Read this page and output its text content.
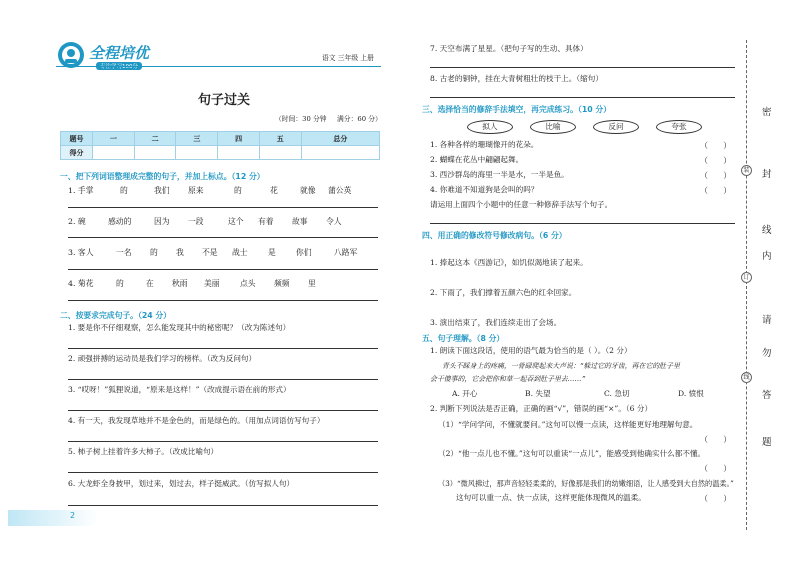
全程培优
专注学习100分
语文 三年级 上册
句子过关
（时间：30 分钟 满分：60 分）
题号	一	二	三	四	五	总分
得分						
一、把下列词语整理成完整的句子，并加上标点。（12 分）
1. 手掌	的	我们 原来	的	花	就像 蒲公英
2. 碗	感动的	因为 一段	这个 有着 故事 令人
3. 客人	一名 的 我 不是 战士	是	你们	八路军
4. 菊花	的	在 秋雨 美丽	点头 频频 里
二、按要求完成句子。（24 分）
1. 要是你不仔细观察，怎么能发现其中的秘密呢？（改为陈述句）
2. 顽强拼搏的运动员是我们学习的榜样。（改为反问句）
3. “哎呀！”狐狸说道，“原来是这样！”（改成提示语在前的形式）
4. 有一天，我发现草地并不是金色的，而是绿色的。（用加点词语仿写句子）
5. 柿子树上挂着许多大柿子。（改成比喻句）
6. 大龙虾全身披甲，划过来，划过去，样子挺威武。（仿写拟人句）
2
7. 天空布满了星星。（把句子写的生动、具体）
8. 古老的铜钟，挂在大青树粗壮的枝干上。（缩句）
三、选择恰当的修辞手法填空，再完成练习。（10 分）
拟人	比喻	反问	夸张
1. 各种各样的珊瑚像开的花朵。	（      ）
2. 蝴蝶在花丛中翩翩起舞。	（      ）
3. 西沙群岛的海里一半是水，一半是鱼。	（      ）
4. 你难道不知道狗是会叫的吗？	（      ）
请运用上面四个小题中的任意一种修辞手法写个句子。
四、用正确的修改符号修改病句。（6 分）
1. 捧起这本《西游记》，如饥似渴地读了起来。
2. 下雨了，我们撑着五颜六色的红伞回家。
3. 演出结束了，我们连续走出了会场。
五、句子理解。（8 分）
1. 朗读下面这段话，使用的语气最为恰当的是（ ）。（2 分）
青头不睬身上的疼痛，一骨碌爬起来大声说：“躲过它的牙齿，再在它的肚子里
会干傻事的，它会把你和草一起吞到肚子里去……”
A. 开心	B. 失望	C. 急切	D. 愤恨
2. 判断下列说法是否正确，正确的画“√”，错误的画“×”。（6 分）
（1）“学问学问，不懂就要问。”这句可以慢一点读，这样能更好地理解句意。
（      ）
（2）“他一点儿也不懂。”这句可以重读“一点儿”，能感受到他确实什么都不懂。
（      ）
（3）“微风拂过，那声音轻轻柔柔的，好像那是我们的幼嫩细语，让人感受到大自然的温柔。”
这句可以重一点、快一点读，这样更能体现微风的温柔。	（      ）
装
订
线
密
封
线
内
请
勿
答
题
